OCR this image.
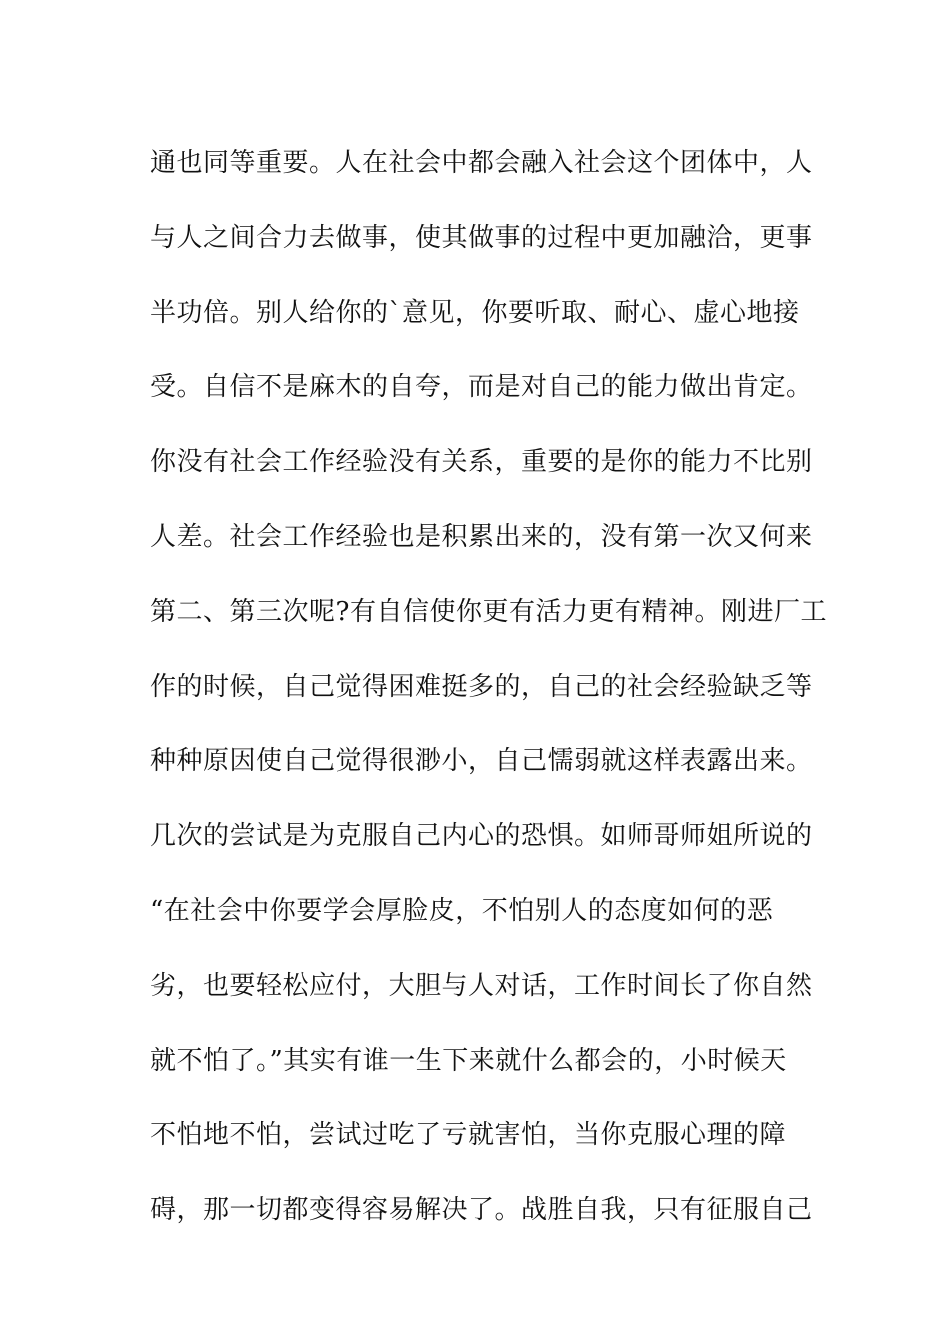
通也同等重要。人在社会中都会融入社会这个团体中，人
与人之间合力去做事，使其做事的过程中更加融洽，更事
半功倍。别人给你的`意见，你要听取、耐心、虚心地接
受。自信不是麻木的自夸，而是对自己的能力做出肯定。
你没有社会工作经验没有关系，重要的是你的能力不比别
人差。社会工作经验也是积累出来的，没有第一次又何来
第二、第三次呢?有自信使你更有活力更有精神。刚进厂工
作的时候，自己觉得困难挺多的，自己的社会经验缺乏等
种种原因使自己觉得很渺小，自己懦弱就这样表露出来。
几次的尝试是为克服自己内心的恐惧。如师哥师姐所说的
“在社会中你要学会厚脸皮，不怕别人的态度如何的恶
劣，也要轻松应付，大胆与人对话，工作时间长了你自然
就不怕了。”其实有谁一生下来就什么都会的，小时候天
不怕地不怕，尝试过吃了亏就害怕，当你克服心理的障
碍，那一切都变得容易解决了。战胜自我，只有征服自己
